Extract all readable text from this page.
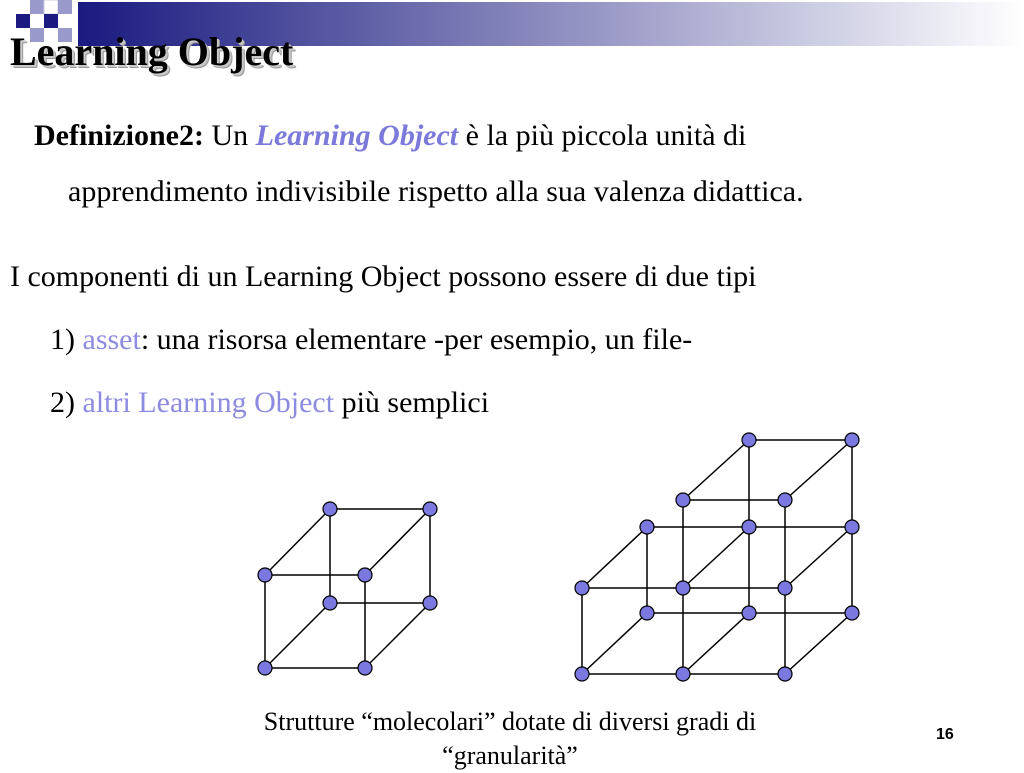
Learning Object
Definizione2: Un Learning Object è la più piccola unità di
apprendimento indivisibile rispetto alla sua valenza didattica.
I componenti di un Learning Object possono essere di due tipi
1) asset: una risorsa elementare -per esempio, un file-
2) altri Learning Object più semplici
Strutture “molecolari” dotate di diversi gradi di
“granularità”
16
